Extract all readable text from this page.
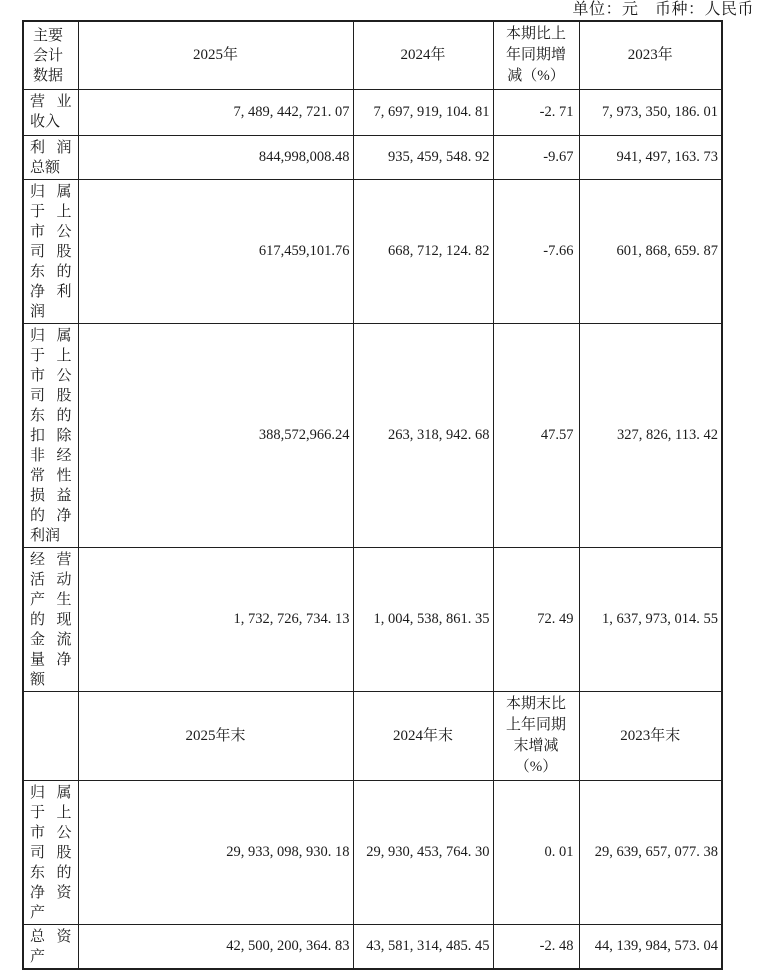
单位：元　币种：人民币
主要会计数据	2025年	2024年	本期比上年同期增减（%）	2023年
营业收入	7, 489, 442, 721. 07	7, 697, 919, 104. 81	-2. 71	7, 973, 350, 186. 01
利润总额	844,998,008.48	935, 459, 548. 92	-9.67	941, 497, 163. 73
归属于上市公司股东的净利润	617,459,101.76	668, 712, 124. 82	-7.66	601, 868, 659. 87
归属于上市公司股东的扣除非经常性损益的净利润	388,572,966.24	263, 318, 942. 68	47.57	327, 826, 113. 42
经营活动产生的现金流量净额	1, 732, 726, 734. 13	1, 004, 538, 861. 35	72. 49	1, 637, 973, 014. 55
	2025年末	2024年末	本期末比上年同期末增减（%）	2023年末
归属于上市公司股东的净资产	29, 933, 098, 930. 18	29, 930, 453, 764. 30	0. 01	29, 639, 657, 077. 38
总资产	42, 500, 200, 364. 83	43, 581, 314, 485. 45	-2. 48	44, 139, 984, 573. 04
